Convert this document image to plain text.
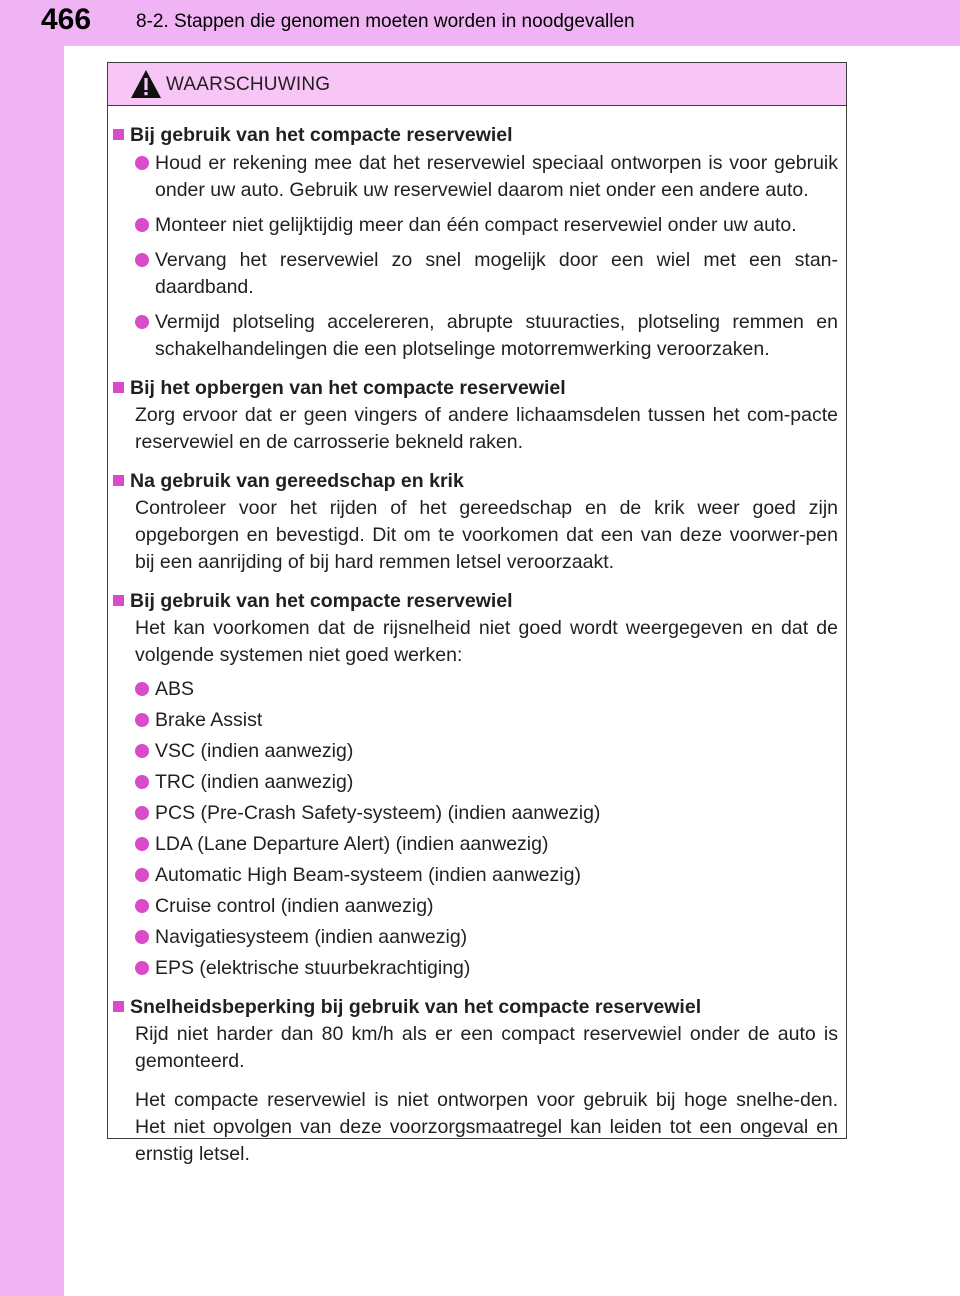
466	8-2. Stappen die genomen moeten worden in noodgevallen
WAARSCHUWING
Bij gebruik van het compacte reservewiel
Houd er rekening mee dat het reservewiel speciaal ontworpen is voor gebruik onder uw auto. Gebruik uw reservewiel daarom niet onder een andere auto.
Monteer niet gelijktijdig meer dan één compact reservewiel onder uw auto.
Vervang het reservewiel zo snel mogelijk door een wiel met een stan-daardband.
Vermijd plotseling accelereren, abrupte stuuracties, plotseling remmen en schakelhandelingen die een plotselinge motorremwerking veroorzaken.
Bij het opbergen van het compacte reservewiel
Zorg ervoor dat er geen vingers of andere lichaamsdelen tussen het com-pacte reservewiel en de carrosserie bekneld raken.
Na gebruik van gereedschap en krik
Controleer voor het rijden of het gereedschap en de krik weer goed zijn opgeborgen en bevestigd. Dit om te voorkomen dat een van deze voorwer-pen bij een aanrijding of bij hard remmen letsel veroorzaakt.
Bij gebruik van het compacte reservewiel
Het kan voorkomen dat de rijsnelheid niet goed wordt weergegeven en dat de volgende systemen niet goed werken:
ABS
Brake Assist
VSC (indien aanwezig)
TRC (indien aanwezig)
PCS (Pre-Crash Safety-systeem) (indien aanwezig)
LDA (Lane Departure Alert) (indien aanwezig)
Automatic High Beam-systeem (indien aanwezig)
Cruise control (indien aanwezig)
Navigatiesysteem (indien aanwezig)
EPS (elektrische stuurbekrachtiging)
Snelheidsbeperking bij gebruik van het compacte reservewiel
Rijd niet harder dan 80 km/h als er een compact reservewiel onder de auto is gemonteerd.
Het compacte reservewiel is niet ontworpen voor gebruik bij hoge snelhe-den. Het niet opvolgen van deze voorzorgsmaatregel kan leiden tot een ongeval en ernstig letsel.
